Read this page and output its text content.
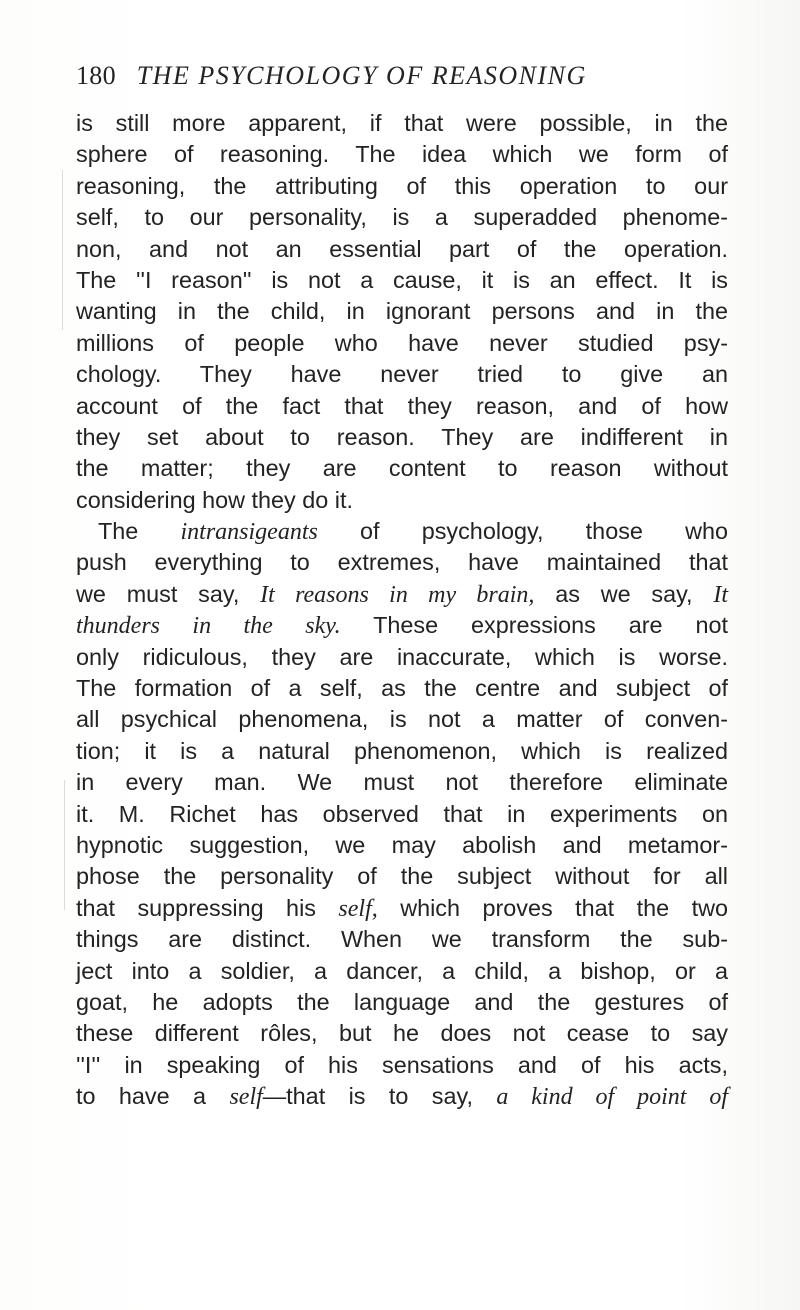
180 THE PSYCHOLOGY OF REASONING
is still more apparent, if that were possible, in the
sphere of reasoning. The idea which we form of
reasoning, the attributing of this operation to our
self, to our personality, is a superadded phenome-
non, and not an essential part of the operation.
The ''I reason'' is not a cause, it is an effect. It is
wanting in the child, in ignorant persons and in the
millions of people who have never studied psy-
chology. They have never tried to give an
account of the fact that they reason, and of how
they set about to reason. They are indifferent in
the matter; they are content to reason without
considering how they do it.
The intransigeants of psychology, those who
push everything to extremes, have maintained that
we must say, It reasons in my brain, as we say, It
thunders in the sky. These expressions are not
only ridiculous, they are inaccurate, which is worse.
The formation of a self, as the centre and subject of
all psychical phenomena, is not a matter of conven-
tion; it is a natural phenomenon, which is realized
in every man. We must not therefore eliminate
it. M. Richet has observed that in experiments on
hypnotic suggestion, we may abolish and metamor-
phose the personality of the subject without for all
that suppressing his self, which proves that the two
things are distinct. When we transform the sub-
ject into a soldier, a dancer, a child, a bishop, or a
goat, he adopts the language and the gestures of
these different rôles, but he does not cease to say
''I'' in speaking of his sensations and of his acts,
to have a self—that is to say, a kind of point of
